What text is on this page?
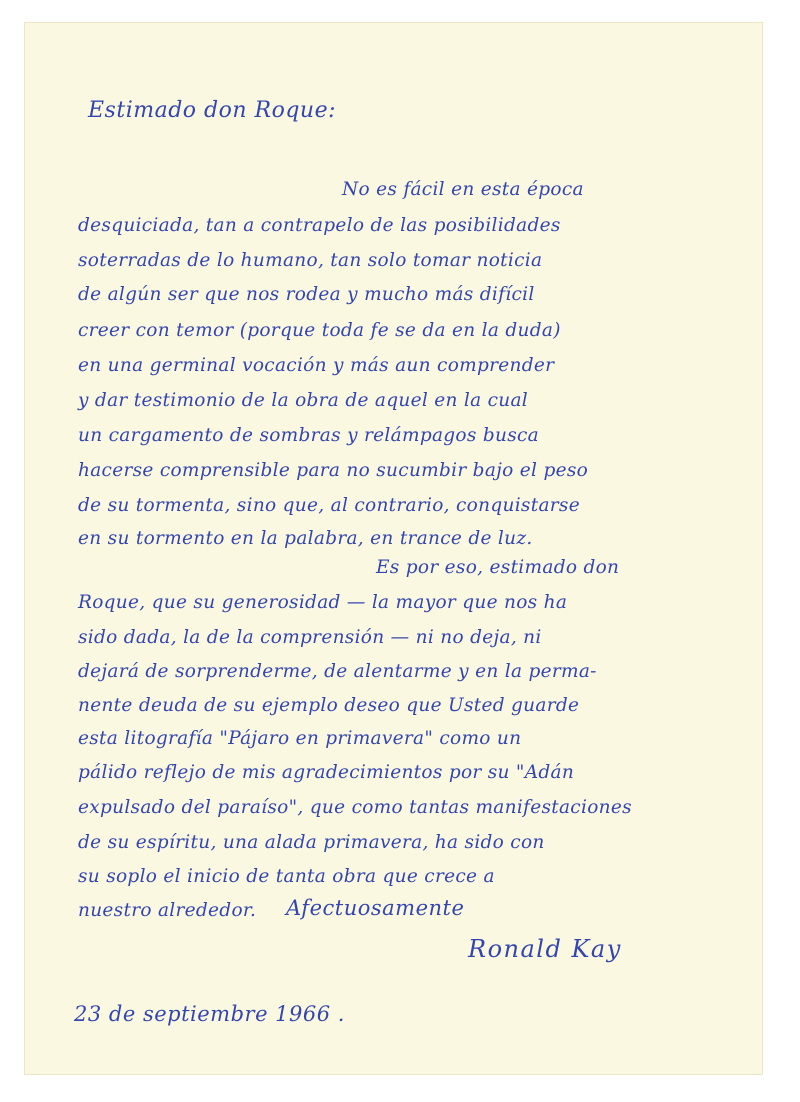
Estimado don Roque:

No es fácil en esta época

desquiciada, tan a contrapelo de las posibilidades

soterradas de lo humano, tan solo tomar noticia

de algún ser que nos rodea y mucho más difícil

creer con temor (porque toda fe se da en la duda)

en una germinal vocación y más aun comprender

y dar testimonio de la obra de aquel en la cual

un cargamento de sombras y relámpagos busca

hacerse comprensible para no sucumbir bajo el peso

de su tormenta, sino que, al contrario, conquistarse

en su tormento en la palabra, en trance de luz.

Es por eso, estimado don

Roque, que su generosidad — la mayor que nos ha

sido dada, la de la comprensión — ni no deja, ni

dejará de sorprenderme, de alentarme y en la perma-

nente deuda de su ejemplo deseo que Usted guarde

esta litografía "Pájaro en primavera" como un

pálido reflejo de mis agradecimientos por su "Adán

expulsado del paraíso", que como tantas manifestaciones

de su espíritu, una alada primavera, ha sido con

su soplo el inicio de tanta obra que crece a

nuestro alrededor. Afectuosamente

Ronald Kay

23 de septiembre 1966 .
